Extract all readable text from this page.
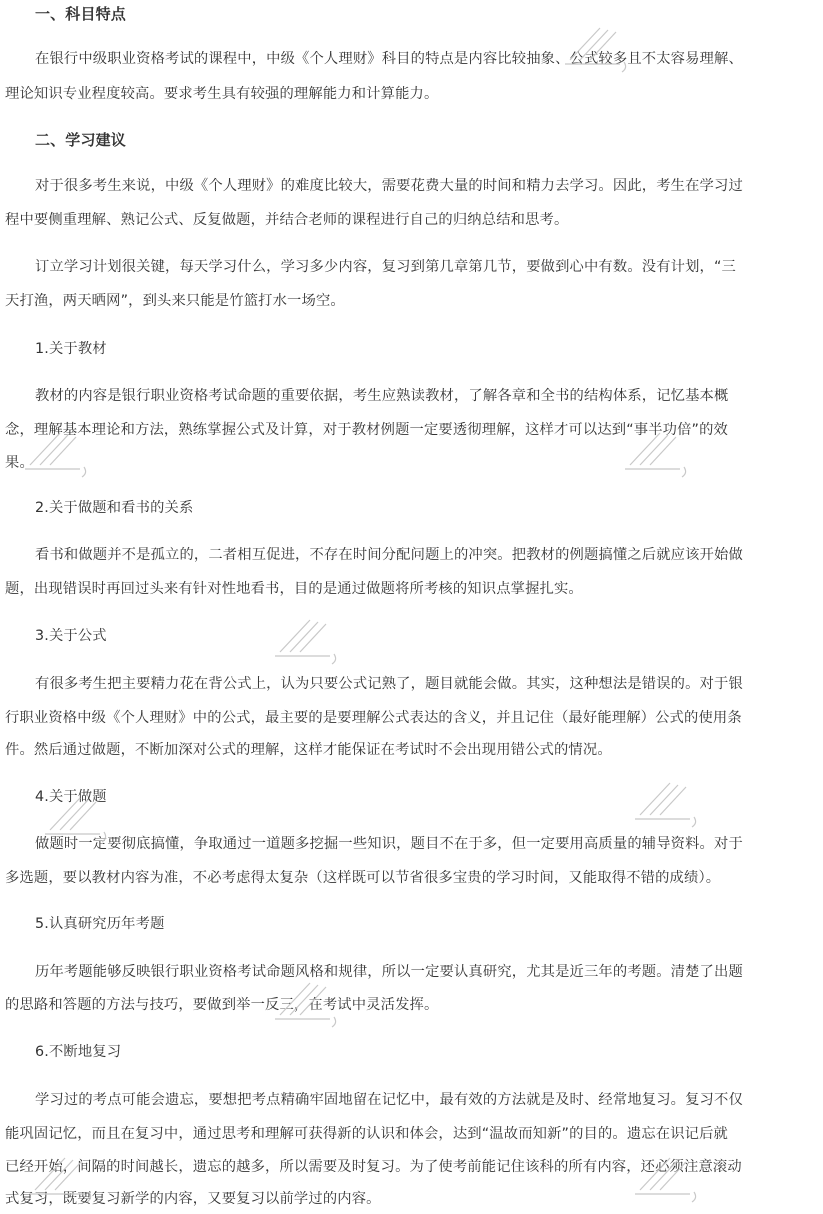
一、科目特点
在银行中级职业资格考试的课程中，中级《个人理财》科目的特点是内容比较抽象、公式较多且不太容易理解、
理论知识专业程度较高。要求考生具有较强的理解能力和计算能力。
二、学习建议
对于很多考生来说，中级《个人理财》的难度比较大，需要花费大量的时间和精力去学习。因此，考生在学习过
程中要侧重理解、熟记公式、反复做题，并结合老师的课程进行自己的归纳总结和思考。
订立学习计划很关键，每天学习什么，学习多少内容，复习到第几章第几节，要做到心中有数。没有计划，“三
天打渔，两天晒网”，到头来只能是竹篮打水一场空。
1.关于教材
教材的内容是银行职业资格考试命题的重要依据，考生应熟读教材，了解各章和全书的结构体系，记忆基本概
念，理解基本理论和方法，熟练掌握公式及计算，对于教材例题一定要透彻理解，这样才可以达到“事半功倍”的效
果。
2.关于做题和看书的关系
看书和做题并不是孤立的，二者相互促进，不存在时间分配问题上的冲突。把教材的例题搞懂之后就应该开始做
题，出现错误时再回过头来有针对性地看书，目的是通过做题将所考核的知识点掌握扎实。
3.关于公式
有很多考生把主要精力花在背公式上，认为只要公式记熟了，题目就能会做。其实，这种想法是错误的。对于银
行职业资格中级《个人理财》中的公式，最主要的是要理解公式表达的含义，并且记住（最好能理解）公式的使用条
件。然后通过做题，不断加深对公式的理解，这样才能保证在考试时不会出现用错公式的情况。
4.关于做题
做题时一定要彻底搞懂，争取通过一道题多挖掘一些知识，题目不在于多，但一定要用高质量的辅导资料。对于
多选题，要以教材内容为准，不必考虑得太复杂（这样既可以节省很多宝贵的学习时间，又能取得不错的成绩）。
5.认真研究历年考题
历年考题能够反映银行职业资格考试命题风格和规律，所以一定要认真研究，尤其是近三年的考题。清楚了出题
的思路和答题的方法与技巧，要做到举一反三，在考试中灵活发挥。
6.不断地复习
学习过的考点可能会遗忘，要想把考点精确牢固地留在记忆中，最有效的方法就是及时、经常地复习。复习不仅
能巩固记忆，而且在复习中，通过思考和理解可获得新的认识和体会，达到“温故而知新”的目的。遗忘在识记后就
已经开始，间隔的时间越长，遗忘的越多，所以需要及时复习。为了使考前能记住该科的所有内容，还必须注意滚动
式复习，既要复习新学的内容，又要复习以前学过的内容。
